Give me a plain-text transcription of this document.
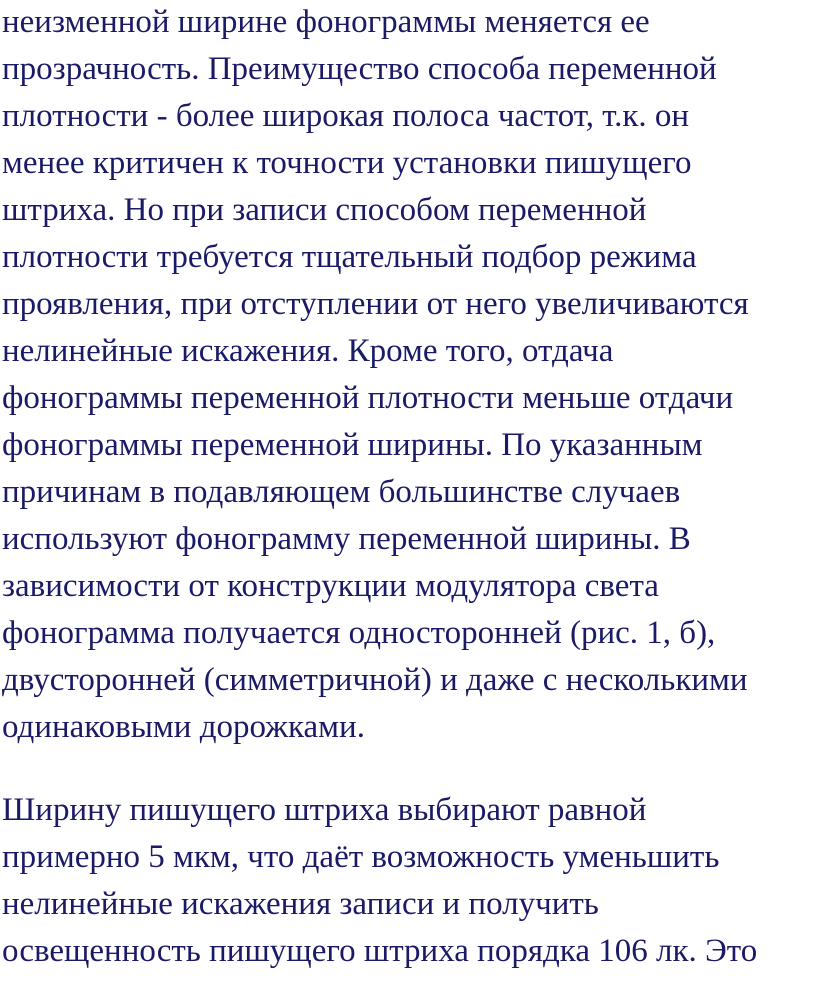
неизменной ширине фонограммы меняется ее
прозрачность. Преимущество способа переменной
плотности - более широкая полоса частот, т.к. он
менее критичен к точности установки пишущего
штриха. Но при записи способом переменной
плотности требуется тщательный подбор режима
проявления, при отступлении от него увеличиваются
нелинейные искажения. Кроме того, отдача
фонограммы переменной плотности меньше отдачи
фонограммы переменной ширины. По указанным
причинам в подавляющем большинстве случаев
используют фонограмму переменной ширины. В
зависимости от конструкции модулятора света
фонограмма получается односторонней (рис. 1, б),
двусторонней (симметричной) и даже с несколькими
одинаковыми дорожками.
Ширину пишущего штриха выбирают равной
примерно 5 мкм, что даёт возможность уменьшить
нелинейные искажения записи и получить
освещенность пишущего штриха порядка 106 лк. Это
